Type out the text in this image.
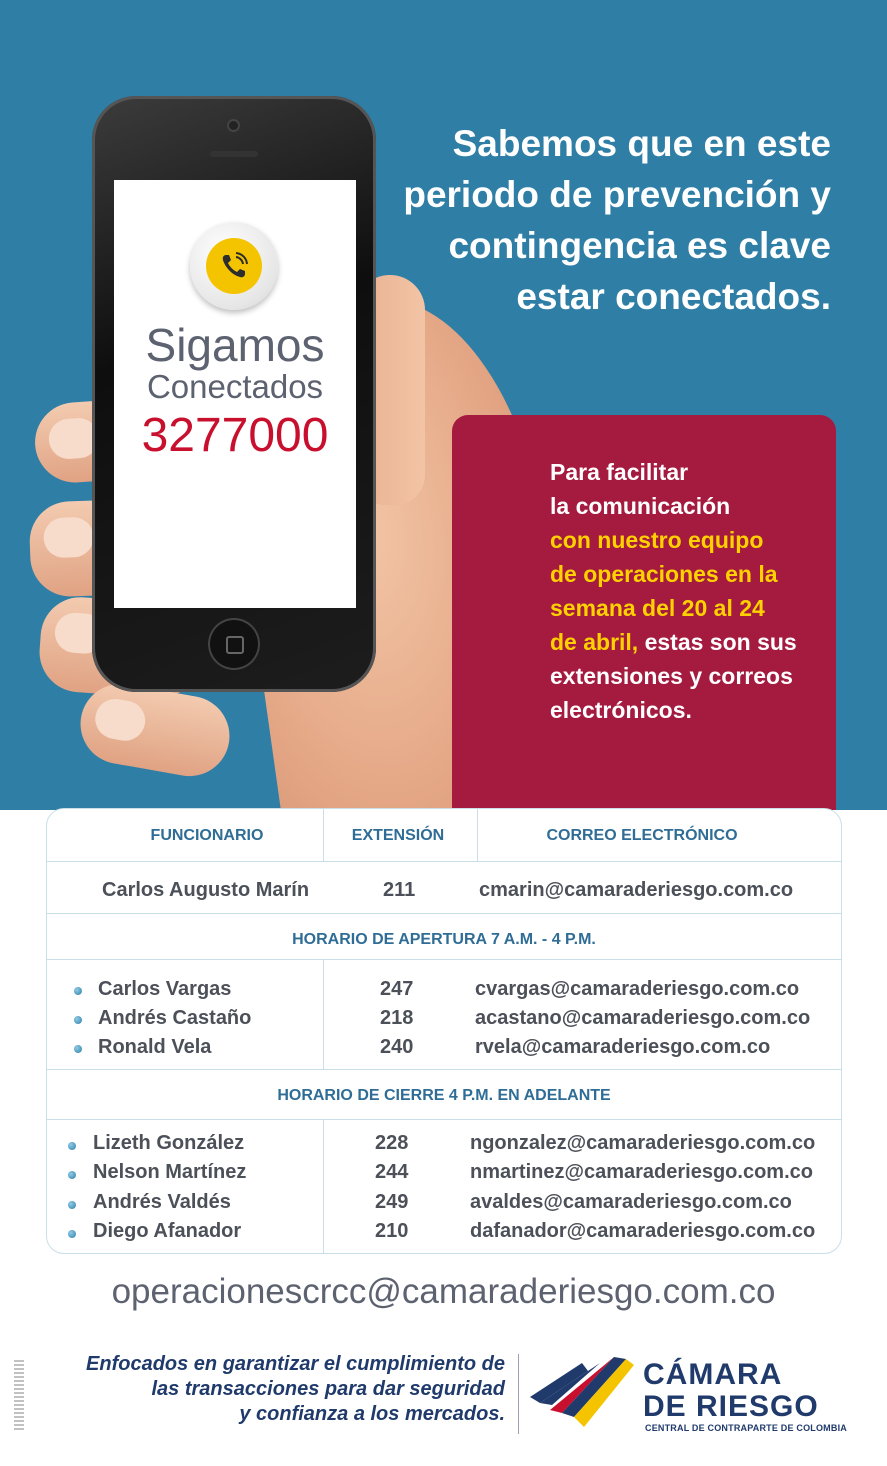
Sigamos
Conectados
3277000
Sabemos que en este
periodo de prevención y
contingencia es clave
estar conectados.
Para facilitar
la comunicación
con nuestro equipo
de operaciones en la
semana del 20 al 24
de abril, estas son sus
extensiones y correos
electrónicos.
FUNCIONARIO	EXTENSIÓN	CORREO ELECTRÓNICO
Carlos Augusto Marín	211	cmarin@camaraderiesgo.com.co
HORARIO DE APERTURA 7 A.M. - 4 P.M.
Carlos Vargas	247	cvargas@camaraderiesgo.com.co
Andrés Castaño	218	acastano@camaraderiesgo.com.co
Ronald Vela	240	rvela@camaraderiesgo.com.co
HORARIO DE CIERRE 4 P.M. EN ADELANTE
Lizeth González	228	ngonzalez@camaraderiesgo.com.co
Nelson Martínez	244	nmartinez@camaraderiesgo.com.co
Andrés Valdés	249	avaldes@camaraderiesgo.com.co
Diego Afanador	210	dafanador@camaraderiesgo.com.co
operacionescrcc@camaraderiesgo.com.co
Enfocados en garantizar el cumplimiento de
las transacciones para dar seguridad
y confianza a los mercados.
CÁMARA
DE RIESGO
CENTRAL DE CONTRAPARTE DE COLOMBIA
